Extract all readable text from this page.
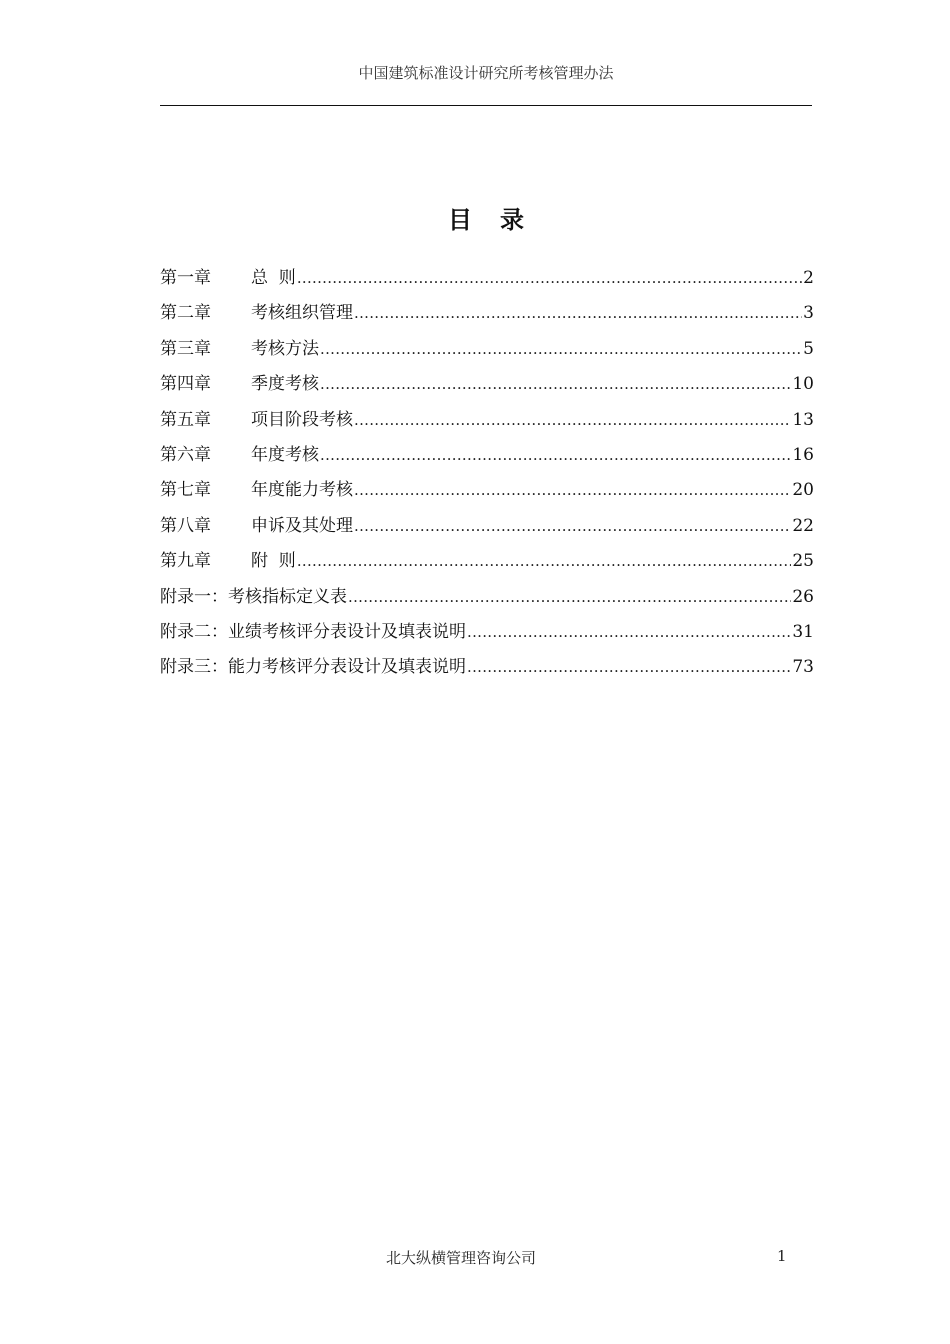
中国建筑标准设计研究所考核管理办法
目录
第一章	总  则 .....	2
第二章	考核组织管理 .....	3
第三章	考核方法 .....	5
第四章	季度考核 .....	10
第五章	项目阶段考核 .....	13
第六章	年度考核 .....	16
第七章	年度能力考核 .....	20
第八章	申诉及其处理 .....	22
第九章	附  则 .....	25
附录一： 考核指标定义表 .....	26
附录二： 业绩考核评分表设计及填表说明 .....	31
附录三： 能力考核评分表设计及填表说明 .....	73
北大纵横管理咨询公司	1
